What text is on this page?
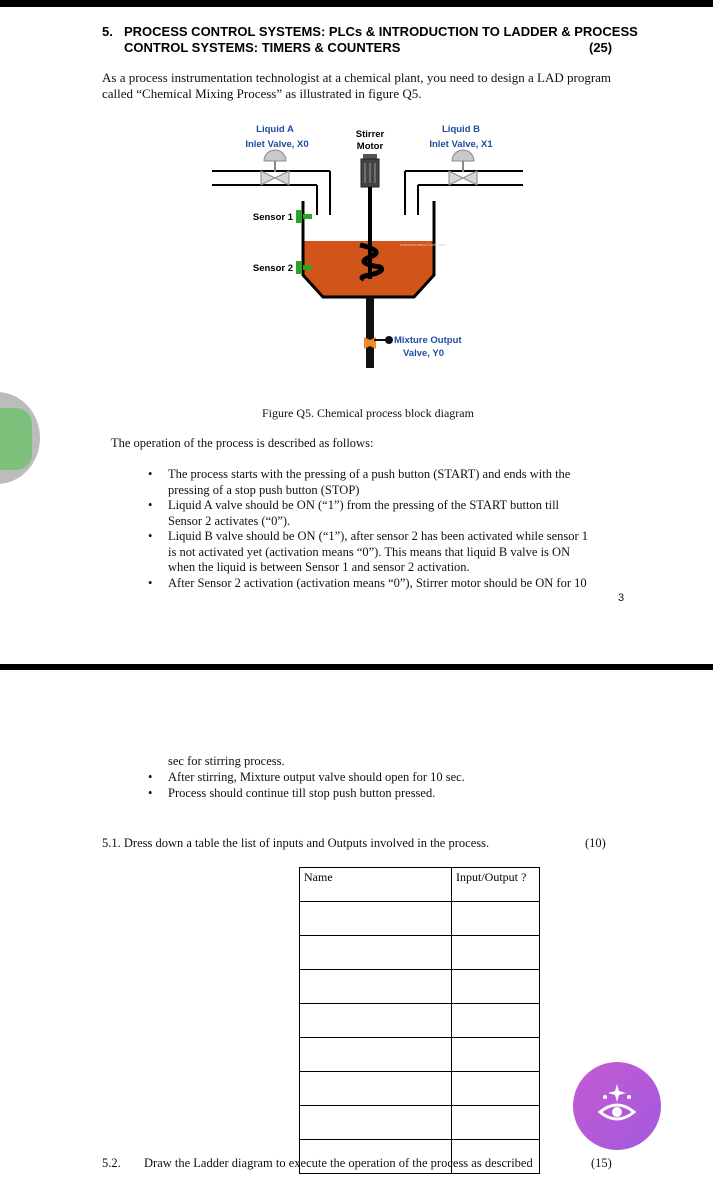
5. PROCESS CONTROL SYSTEMS: PLCs & INTRODUCTION TO LADDER & PROCESS
CONTROL SYSTEMS: TIMERS & COUNTERS	(25)
As a process instrumentation technologist at a chemical plant, you need to design a LAD program
called “Chemical Mixing Process” as illustrated in figure Q5.
Liquid A
Inlet Valve, X0
Stirrer
Motor
Liquid B
Inlet Valve, X1
InstrumentationTools.com
Sensor 1
Sensor 2
Mixture Output
Valve, Y0
Figure Q5. Chemical process block diagram
The operation of the process is described as follows:
• The process starts with the pressing of a push button (START) and ends with the
pressing of a stop push button (STOP)
• Liquid A valve should be ON (“1”) from the pressing of the START button till
Sensor 2 activates (“0”).
• Liquid B valve should be ON (“1”), after sensor 2 has been activated while sensor 1
is not activated yet (activation means “0”). This means that liquid B valve is ON
when the liquid is between Sensor 1 and sensor 2 activation.
• After Sensor 2 activation (activation means “0”), Stirrer motor should be ON for 10
3
sec for stirring process.
• After stirring, Mixture output valve should open for 10 sec.
• Process should continue till stop push button pressed.
5.1. Dress down a table the list of inputs and Outputs involved in the process.	(10)
Name	Input/Output ?

5.2. Draw the Ladder diagram to execute the operation of the process as described	(15)
